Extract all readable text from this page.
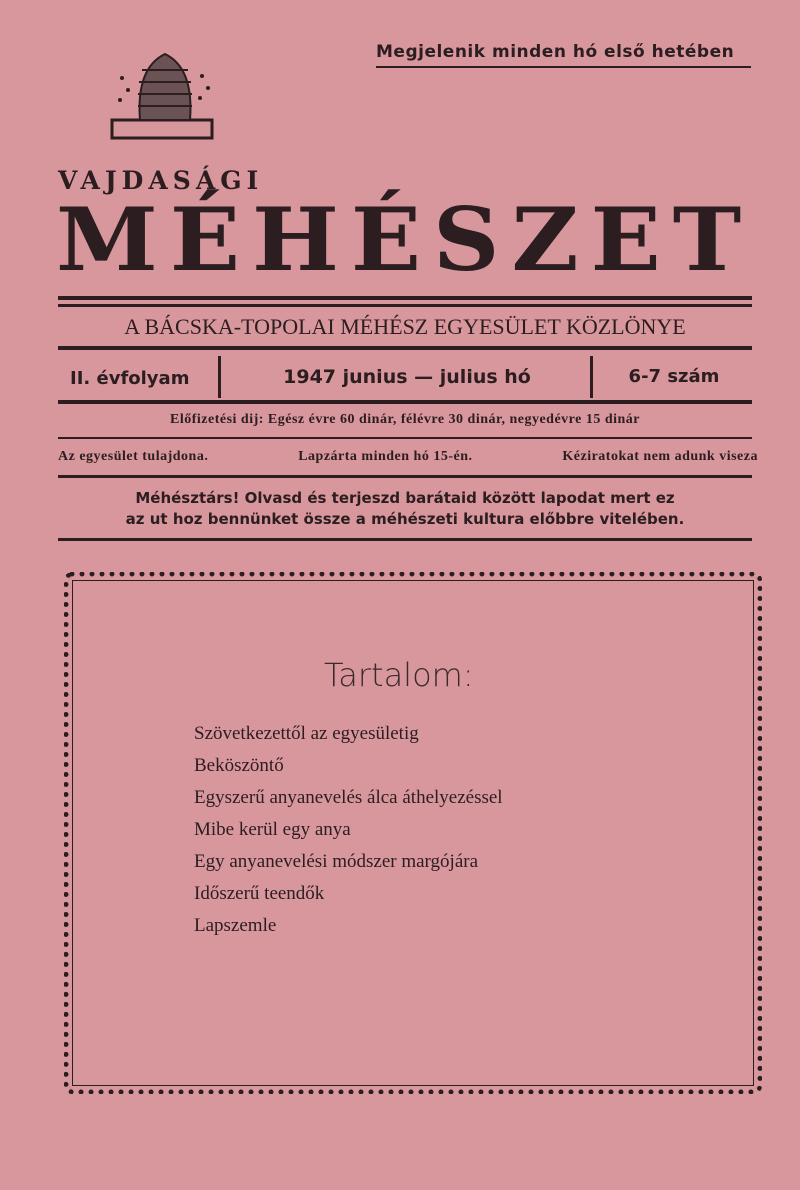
Megjelenik minden hó első hetében
VAJDASÁGI
MÉHÉSZET
A BÁCSKA-TOPOLAI MÉHÉSZ EGYESÜLET KÖZLÖNYE
II. évfolyam	1947 junius — julius hó	6-7 szám
Előfizetési dij: Egész évre 60 dinár, félévre 30 dinár, negyedévre 15 dinár
Az egyesület tulajdona.	Lapzárta minden hó 15-én.	Kéziratokat nem adunk viseza
Méhésztárs! Olvasd és terjeszd barátaid között lapodat mert ez
az ut hoz bennünket össze a méhészeti kultura előbbre vitelében.
Tartalom:
Szövetkezettől az egyesületig
Beköszöntő
Egyszerű anyanevelés álca áthelyezéssel
Mibe kerül egy anya
Egy anyanevelési módszer margójára
Időszerű teendők
Lapszemle
